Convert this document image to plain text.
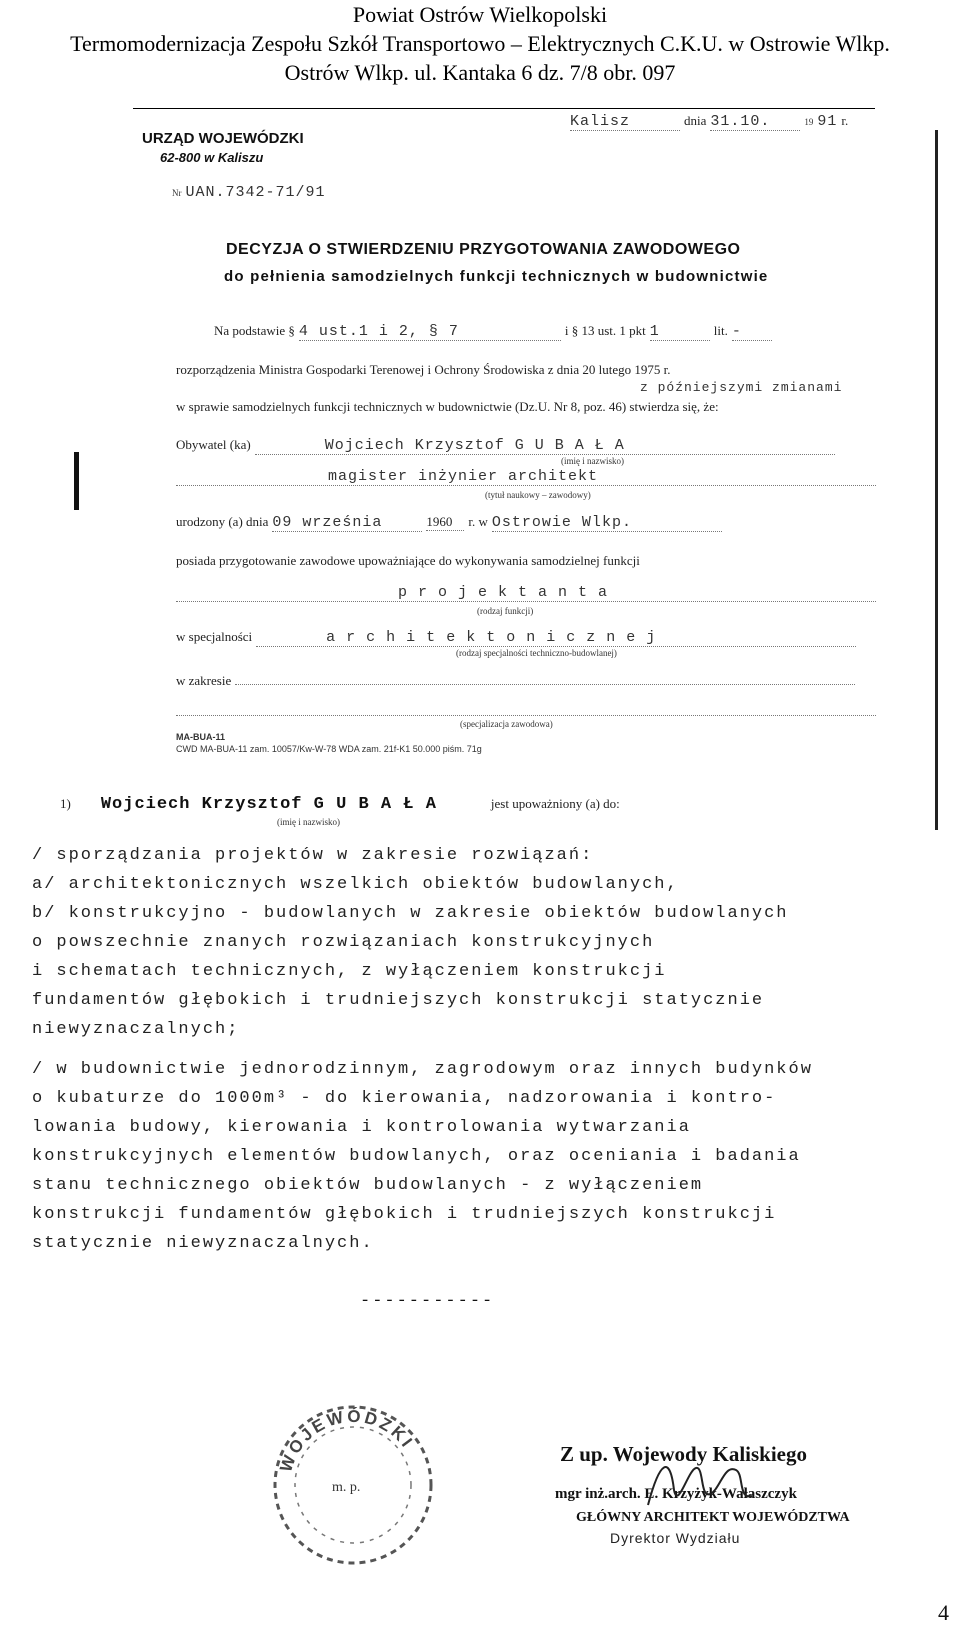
Powiat Ostrów Wielkopolski
Termomodernizacja Zespołu Szkół Transportowo – Elektrycznych C.K.U. w Ostrowie Wlkp.
Ostrów Wlkp. ul. Kantaka 6 dz. 7/8 obr. 097
URZĄD WOJEWÓDZKI
62-800 w Kaliszu
Kalisz	dnia 31.10.	19 91 r.
Nr UAN.7342-71/91
DECYZJA O STWIERDZENIU PRZYGOTOWANIA ZAWODOWEGO
do pełnienia samodzielnych funkcji technicznych w budownictwie
Na podstawie § 4 ust.1 i 2, § 7	i § 13 ust. 1 pkt 1	lit. -
rozporządzenia Ministra Gospodarki Terenowej i Ochrony Środowiska z dnia 20 lutego 1975 r.
z późniejszymi zmianami
w sprawie samodzielnych funkcji technicznych w budownictwie (Dz.U. Nr 8, poz. 46) stwierdza się, że:
Obywatel (ka)	Wojciech Krzysztof G U B A Ł A
(imię i nazwisko)
magister inżynier architekt
(tytuł naukowy – zawodowy)
urodzony (a) dnia 09 września	1960 r. w Ostrowie Wlkp.
posiada przygotowanie zawodowe upoważniające do wykonywania samodzielnej funkcji
p r o j e k t a n t a
(rodzaj funkcji)
w specjalności	a r c h i t e k t o n i c z n e j
(rodzaj specjalności techniczno-budowlanej)
w zakresie
(specjalizacja zawodowa)
MA-BUA-11
CWD MA-BUA-11 zam. 10057/Kw-W-78 WDA zam. 21f-K1 50.000 piśm. 71g
1) Wojciech Krzysztof G U B A Ł A	jest upoważniony (a) do:
(imię i nazwisko)
/ sporządzania projektów w zakresie rozwiązań:
a/ architektonicznych wszelkich obiektów budowlanych,
b/ konstrukcyjno - budowlanych w zakresie obiektów budowlanych
o powszechnie znanych rozwiązaniach konstrukcyjnych
i schematach technicznych, z wyłączeniem konstrukcji
fundamentów głębokich i trudniejszych konstrukcji statycznie
niewyznaczalnych;
/ w budownictwie jednorodzinnym, zagrodowym oraz innych budynków
o kubaturze do 1000m³ - do kierowania, nadzorowania i kontro-
lowania budowy, kierowania i kontrolowania wytwarzania
konstrukcyjnych elementów budowlanych, oraz oceniania i badania
stanu technicznego obiektów budowlanych - z wyłączeniem
konstrukcji fundamentów głębokich i trudniejszych konstrukcji
statycznie niewyznaczalnych.
-----------
WOJEWÓDZKI
m. p.
Z up. Wojewody Kaliskiego
mgr inż.arch. E. Krzyżyk-Wałaszczyk
GŁÓWNY ARCHITEKT WOJEWÓDZTWA
Dyrektor Wydziału
4
